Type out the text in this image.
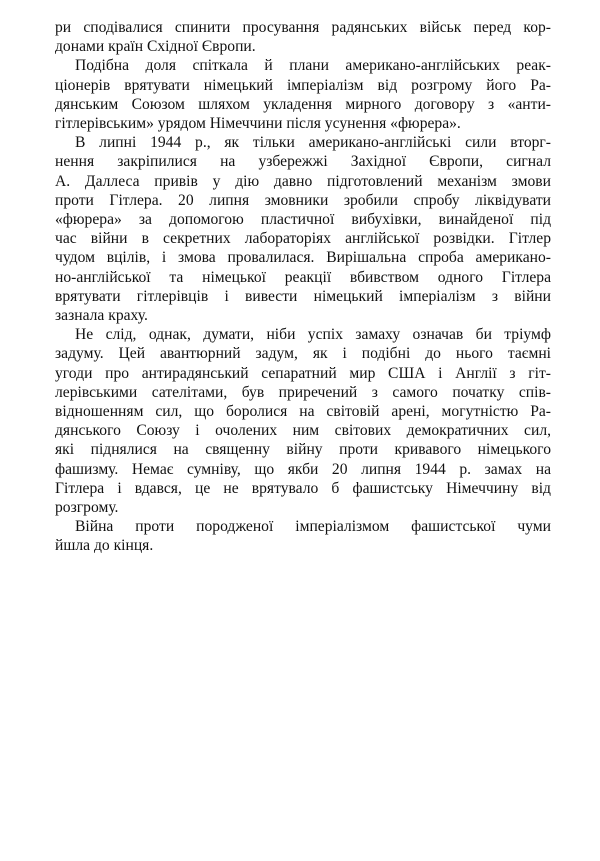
ри сподівалися спинити просування радянських військ перед кор-
донами країн Східної Європи.
Подібна доля спіткала й плани американо-англійських реак-
ціонерів врятувати німецький імперіалізм від розгрому його Ра-
дянським Союзом шляхом укладення мирного договору з «анти-
гітлерівським» урядом Німеччини після усунення «фюрера».
В липні 1944 р., як тільки американо-англійські сили вторг-
нення закріпилися на узбережжі Західної Європи, сигнал
А. Даллеса привів у дію давно підготовлений механізм змови
проти Гітлера. 20 липня змовники зробили спробу ліквідувати
«фюрера» за допомогою пластичної вибухівки, винайденої під
час війни в секретних лабораторіях англійської розвідки. Гітлер
чудом вцілів, і змова провалилася. Вирішальна спроба американо-
но-англійської та німецької реакції вбивством одного Гітлера
врятувати гітлерівців і вивести німецький імперіалізм з війни
зазнала краху.
Не слід, однак, думати, ніби успіх замаху означав би тріумф
задуму. Цей авантюрний задум, як і подібні до нього таємні
угоди про антирадянський сепаратний мир США і Англії з гіт-
лерівськими сателітами, був приречений з самого початку спів-
відношенням сил, що боролися на світовій арені, могутністю Ра-
дянського Союзу і очолених ним світових демократичних сил,
які піднялися на священну війну проти кривавого німецького
фашизму. Немає сумніву, що якби 20 липня 1944 р. замах на
Гітлера і вдався, це не врятувало б фашистську Німеччину від
розгрому.
Війна проти породженої імперіалізмом фашистської чуми
йшла до кінця.
